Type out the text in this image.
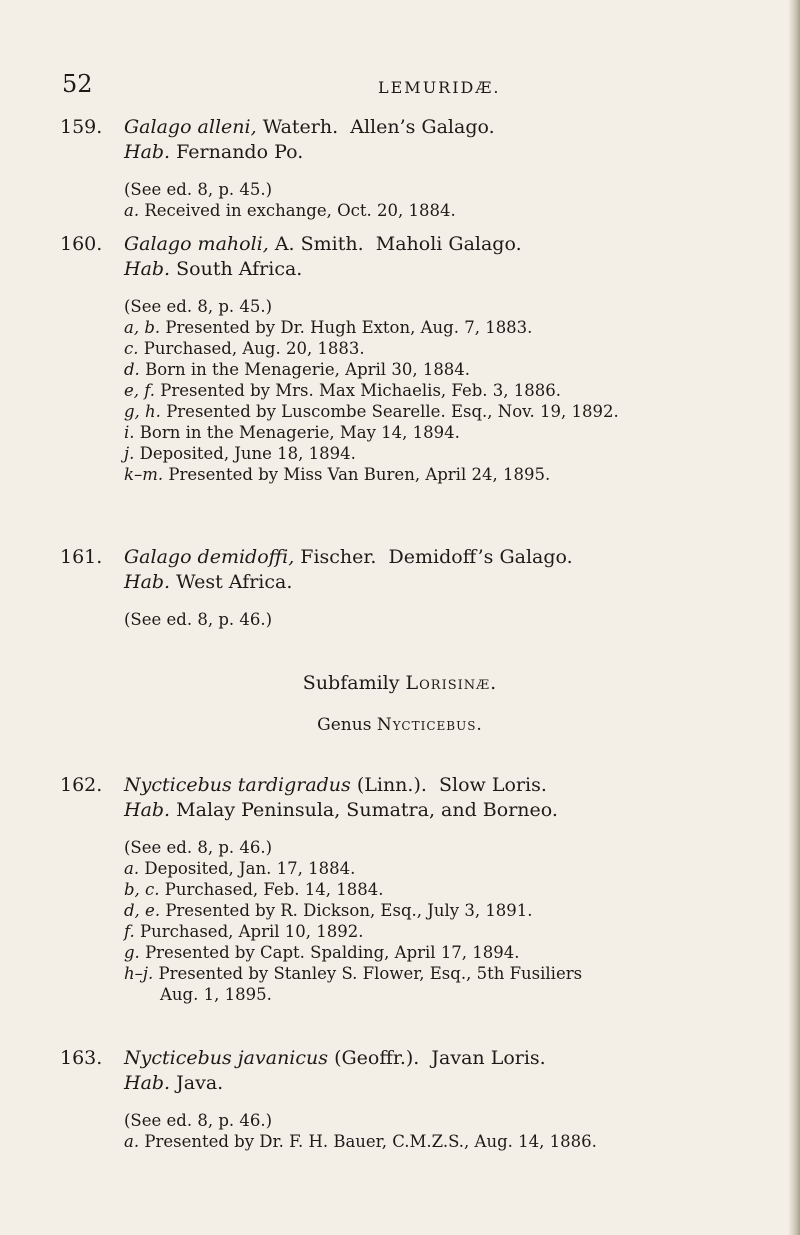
52	LEMURIDÆ.
159. Galago alleni, Waterh. Allen’s Galago.
Hab. Fernando Po.
(See ed. 8, p. 45.)
a. Received in exchange, Oct. 20, 1884.
160. Galago maholi, A. Smith. Maholi Galago.
Hab. South Africa.
(See ed. 8, p. 45.)
a, b. Presented by Dr. Hugh Exton, Aug. 7, 1883.
c. Purchased, Aug. 20, 1883.
d. Born in the Menagerie, April 30, 1884.
e, f. Presented by Mrs. Max Michaelis, Feb. 3, 1886.
g, h. Presented by Luscombe Searelle. Esq., Nov. 19, 1892.
i. Born in the Menagerie, May 14, 1894.
j. Deposited, June 18, 1894.
k–m. Presented by Miss Van Buren, April 24, 1895.
161. Galago demidoffi, Fischer. Demidoff’s Galago.
Hab. West Africa.
(See ed. 8, p. 46.)
Subfamily Lorisinæ.
Genus Nycticebus.
162. Nycticebus tardigradus (Linn.). Slow Loris.
Hab. Malay Peninsula, Sumatra, and Borneo.
(See ed. 8, p. 46.)
a. Deposited, Jan. 17, 1884.
b, c. Purchased, Feb. 14, 1884.
d, e. Presented by R. Dickson, Esq., July 3, 1891.
f. Purchased, April 10, 1892.
g. Presented by Capt. Spalding, April 17, 1894.
h–j. Presented by Stanley S. Flower, Esq., 5th Fusiliers
Aug. 1, 1895.
163. Nycticebus javanicus (Geoffr.). Javan Loris.
Hab. Java.
(See ed. 8, p. 46.)
a. Presented by Dr. F. H. Bauer, C.M.Z.S., Aug. 14, 1886.
